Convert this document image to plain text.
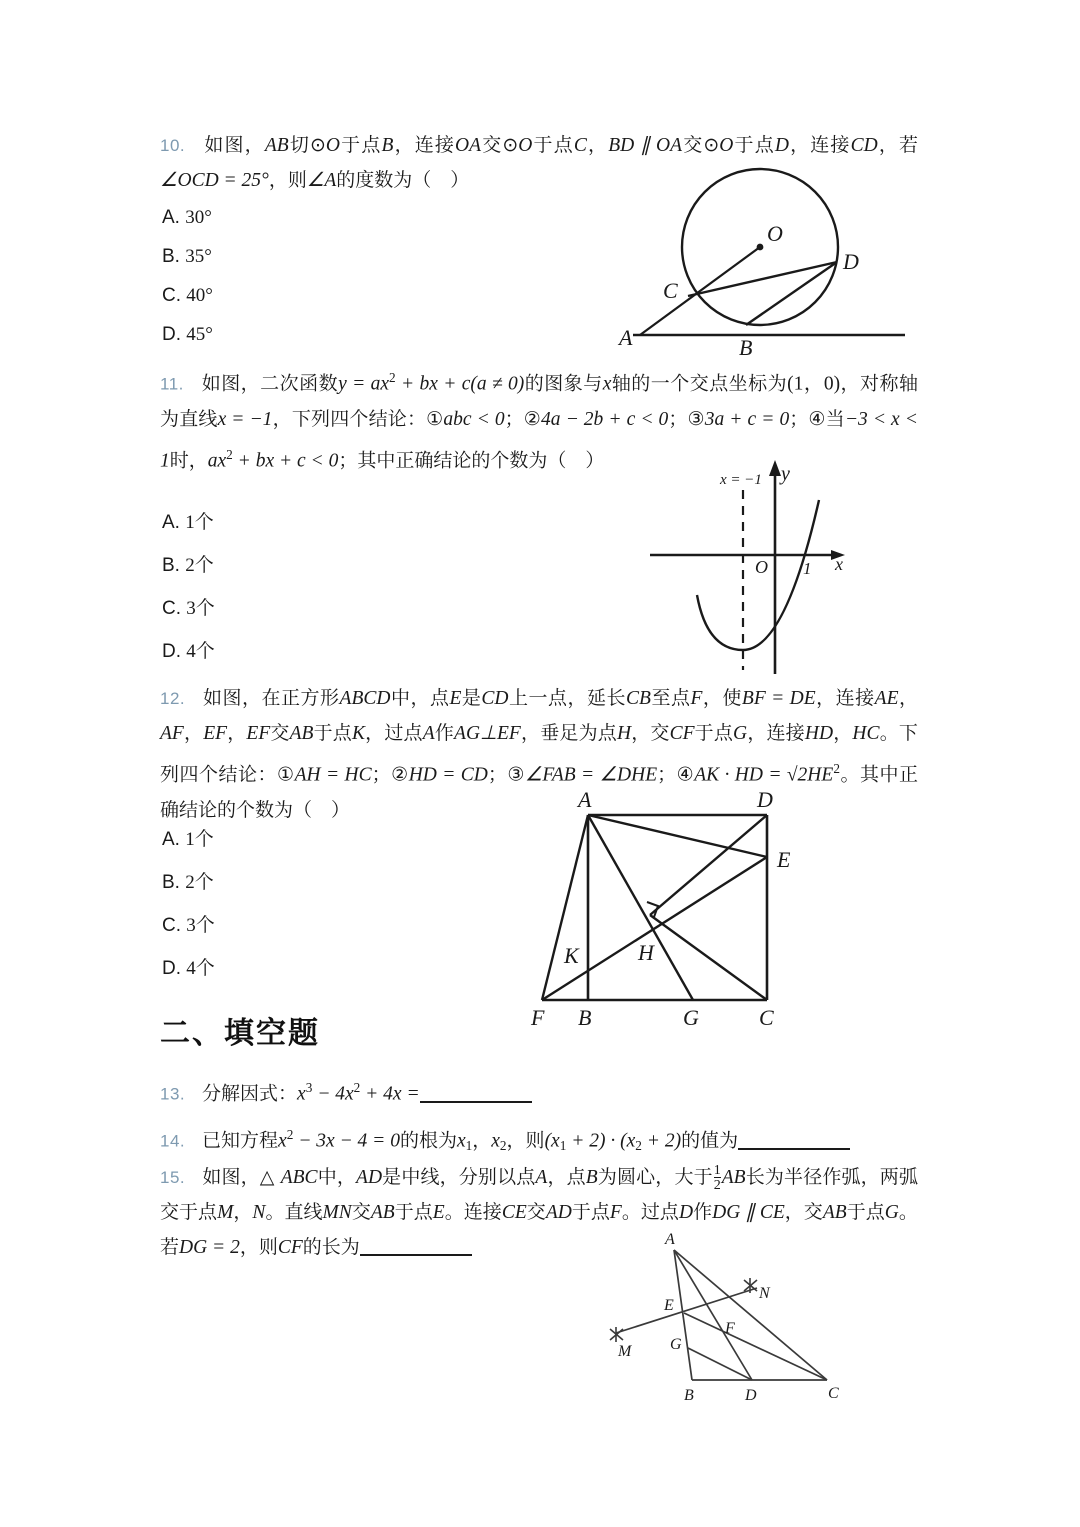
10. 如图，AB切⊙O于点B，连接OA交⊙O于点C，BD ∥ OA交⊙O于点D，连接CD，若∠OCD = 25°，则∠A的度数为（　）
A. 30°
B. 35°
C. 40°
D. 45°
O
D
C
A	B
11. 如图，二次函数$y = ax^2$ + bx + c(a ≠ 0)的图象与x轴的一个交点坐标为(1，0)，对称轴为直线x = −1，下列四个结论：①abc < 0；②4a − 2b + c < 0；③3a + c = 0；④当−3 < x < 1时，$ax^2$ + bx + c < 0；其中正确结论的个数为（　）
A. 1个
B. 2个
C. 3个
D. 4个
x = −1 y
x
O 1
12. 如图，在正方形ABCD中，点E是CD上一点，延长CB至点F，使BF = DE，连接AE，AF，EF，EF交AB于点K，过点A作AG⊥EF，垂足为点H，交CF于点G，连接HD，HC。下列四个结论：①AH = HC；②HD = CD；③∠FAB = ∠DHE；④AK · HD = $√2HE^2$。其中正确结论的个数为（　）
A. 1个
B. 2个
C. 3个
D. 4个
A	D
E
K	H
F B	G	C
二、填空题
13. 分解因式：$x^3 - 4x^2 + 4x$ =
14. 已知方程$x^2 - 3x - 4 = 0$的根为$x_1$，$x_2$，则$(x_1 + 2) \cdot (x_2 + 2)$的值为
15. 如图，△ ABC中，AD是中线，分别以点A，点B为圆心，大于 $\frac{1}{2}$ AB长为半径作弧，两弧交于点M，N。直线MN交AB于点E。连接CE交AD于点F。过点D作DG ∥ CE，交AB于点G。若DG = 2，则CF的长为	A
N
E
F
M G
B	D	C
